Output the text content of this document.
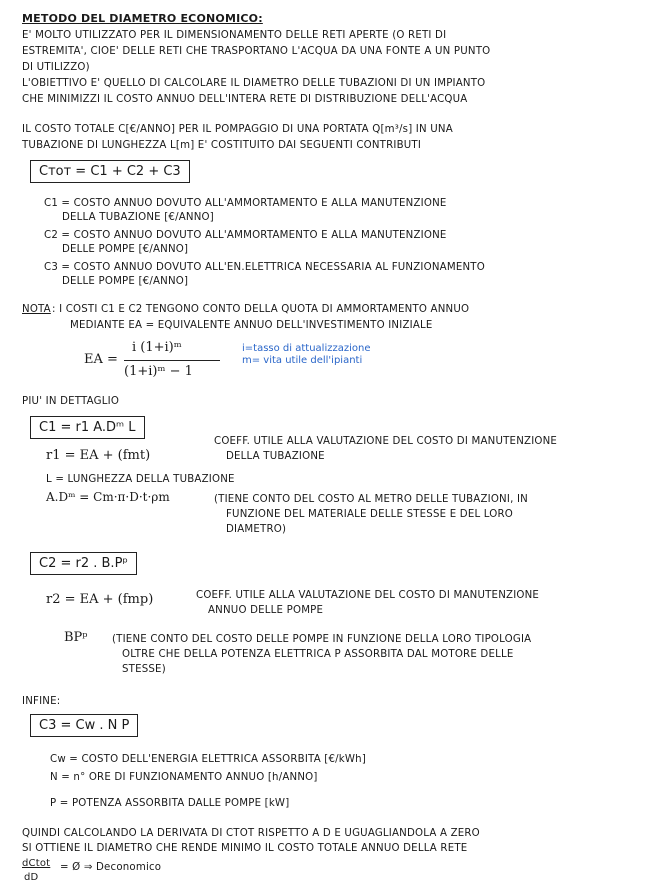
METODO DEL DIAMETRO ECONOMICO:
E' MOLTO UTILIZZATO PER IL DIMENSIONAMENTO DELLE RETI APERTE (O RETI DI
ESTREMITA', CIOE' DELLE RETI CHE TRASPORTANO L'ACQUA DA UNA FONTE A UN PUNTO
DI UTILIZZO)
L'OBIETTIVO E' QUELLO DI CALCOLARE IL DIAMETRO DELLE TUBAZIONI DI UN IMPIANTO
CHE MINIMIZZI IL COSTO ANNUO DELL'INTERA RETE DI DISTRIBUZIONE DELL'ACQUA
IL COSTO TOTALE C[€/ANNO] PER IL POMPAGGIO DI UNA PORTATA Q[m³/s] IN UNA
TUBAZIONE DI LUNGHEZZA L[m] E' COSTITUITO DAI SEGUENTI CONTRIBUTI
Cтот = C1 + C2 + C3
C1 = COSTO ANNUO DOVUTO ALL'AMMORTAMENTO E ALLA MANUTENZIONE
DELLA TUBAZIONE [€/ANNO]
C2 = COSTO ANNUO DOVUTO ALL'AMMORTAMENTO E ALLA MANUTENZIONE
DELLE POMPE [€/ANNO]
C3 = COSTO ANNUO DOVUTO ALL'EN.ELETTRICA NECESSARIA AL FUNZIONAMENTO
DELLE POMPE [€/ANNO]
NOTA : I COSTI C1 E C2 TENGONO CONTO DELLA QUOTA DI AMMORTAMENTO ANNUO
MEDIANTE EA = EQUIVALENTE ANNUO DELL'INVESTIMENTO INIZIALE
EA =
i (1+i)ᵐ
(1+i)ᵐ − 1
i=tasso di attualizzazione
m= vita utile dell'ipianti
PIU' IN DETTAGLIO
C1 = r1 A.Dᵐ L
r1 = EA + (fmt)
COEFF. UTILE ALLA VALUTAZIONE DEL COSTO DI MANUTENZIONE
DELLA TUBAZIONE
L = LUNGHEZZA DELLA TUBAZIONE
A.Dᵐ = Cm·π·D·t·ρm	(TIENE CONTO DEL COSTO AL METRO DELLE TUBAZIONI, IN
FUNZIONE DEL MATERIALE DELLE STESSE E DEL LORO
DIAMETRO)
C2 = r2 . B.Pᵖ
r2 = EA + (fmp)	COEFF. UTILE ALLA VALUTAZIONE DEL COSTO DI MANUTENZIONE
ANNUO DELLE POMPE
BPᵖ (TIENE CONTO DEL COSTO DELLE POMPE IN FUNZIONE DELLA LORO TIPOLOGIA
OLTRE CHE DELLA POTENZA ELETTRICA P ASSORBITA DAL MOTORE DELLE
STESSE)
INFINE:
C3 = Cw . N P
Cw = COSTO DELL'ENERGIA ELETTRICA ASSORBITA [€/kWh]
N = n° ORE DI FUNZIONAMENTO ANNUO [h/ANNO]
P = POTENZA ASSORBITA DALLE POMPE [kW]
QUINDI CALCOLANDO LA DERIVATA DI CTOT RISPETTO A D E UGUAGLIANDOLA A ZERO
SI OTTIENE IL DIAMETRO CHE RENDE MINIMO IL COSTO TOTALE ANNUO DELLA RETE
dCtot
dD
= Ø ⇒ Deconomico
